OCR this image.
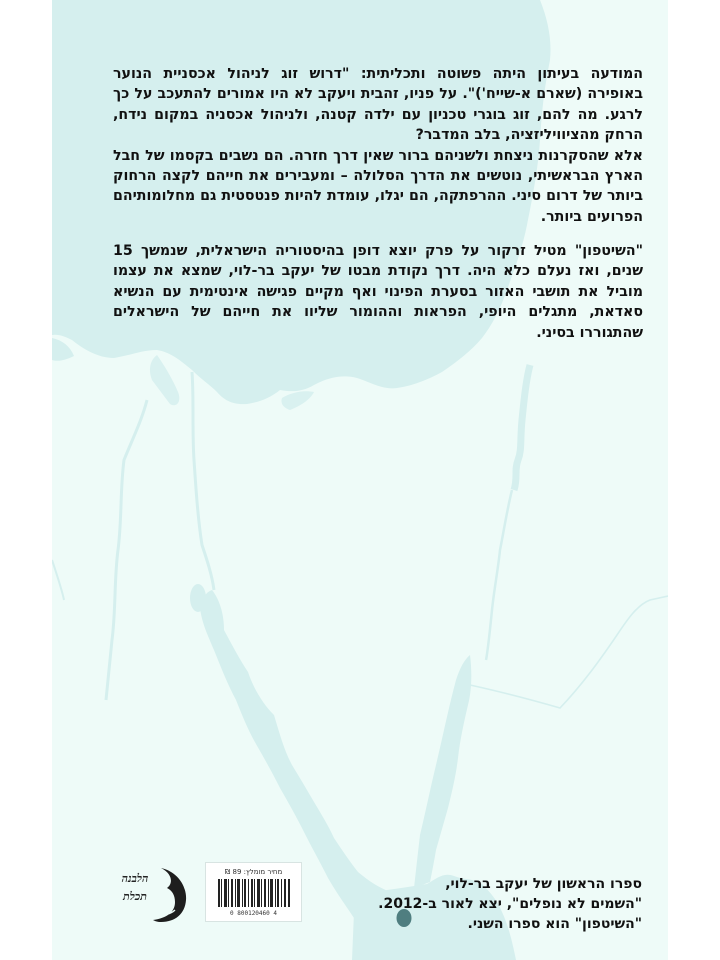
המודעה בעיתון היתה פשוטה ותכליתית: "דרוש זוג לניהול אכסניית הנוער באופירה (שארם א-שייח')". על פניו, זהבית ויעקב לא היו אמורים להתעכב על כך לרגע. מה להם, זוג בוגרי טכניון עם ילדה קטנה, ולניהול אכסניה במקום נידח, הרחק מהציוויליזציה, בלב המדבר?

אלא שהסקרנות ניצחת ולשניהם ברור שאין דרך חזרה. הם נשבים בקסמו של חבל הארץ הבראשיתי, נוטשים את הדרך הסלולה – ומעבירים את חייהם לקצה הרחוק ביותר של דרום סיני. ההרפתקה, הם יגלו, עומדת להיות פנטסטית גם מחלומותיהם הפרועים ביותר.

"השיטפון" מטיל זרקור על פרק יוצא דופן בהיסטוריה הישראלית, שנמשך 15 שנים, ואז נעלם כלא היה. דרך נקודת מבטו של יעקב בר-לוי, שמצא את עצמו מוביל את תושבי האזור בסערת הפינוי ואף מקיים פגישה אינטימית עם הנשיא סאדאת, מתגלים היופי, הפראות וההומור שליוו את חייהם של הישראלים שהתגוררו בסיני.

ספרו הראשון של יעקב בר-לוי,
"השמים לא נופלים", יצא לאור ב-2012.
"השיטפון" הוא ספרו השני.
מחיר מומלץ: 89 ₪
0 800120460 4
הלבנה
תכלת
